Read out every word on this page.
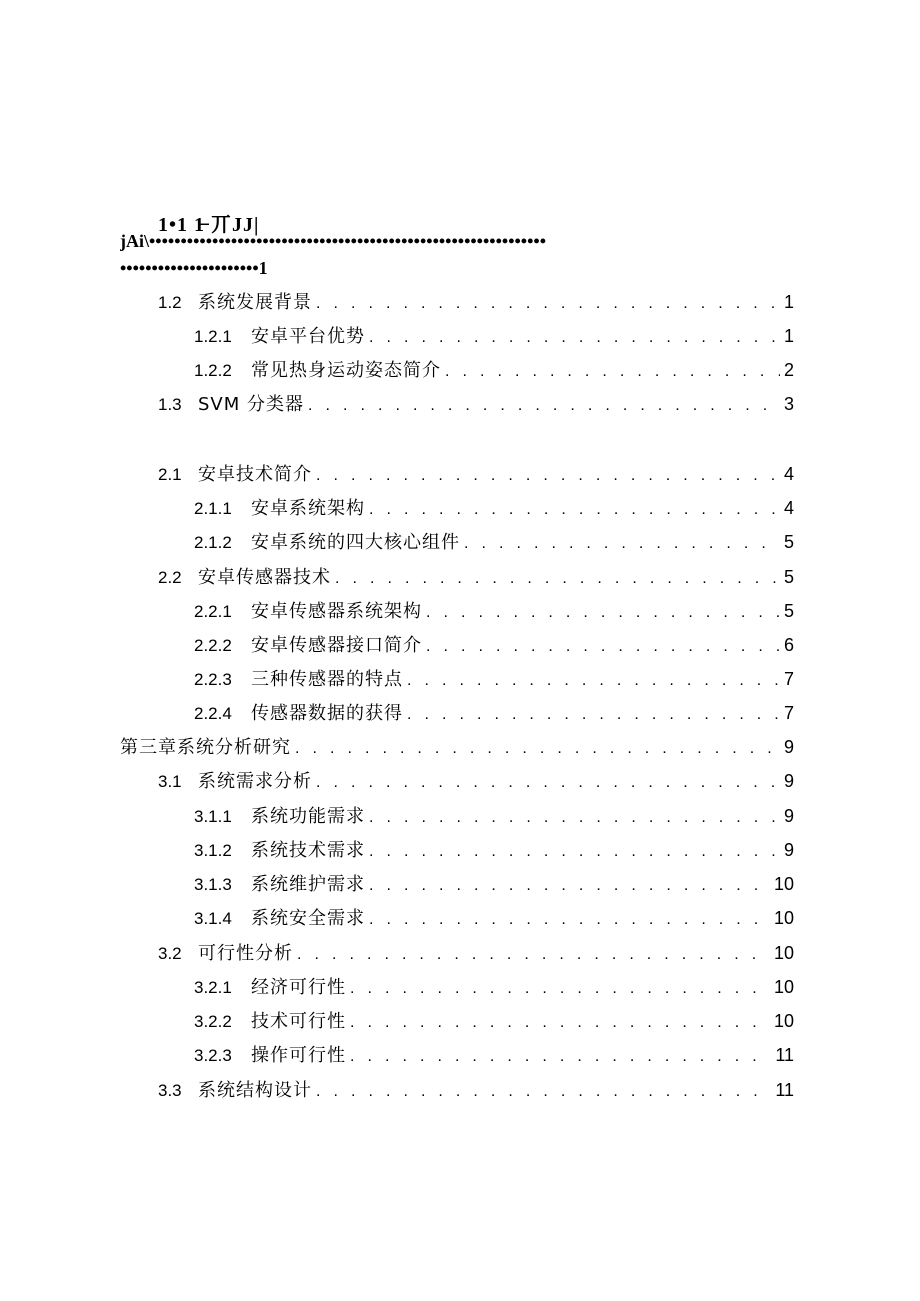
1•1 1̶ 丌JJ|
jAi\•••••••••••••••••••••••••••••••••••••••••••••••••••••••••••••••
••••••••••••••••••••••1
1.2 系统发展背景 . . .	1
1.2.1	安卓平台优势 . . .	1
1.2.2	常见热身运动姿态简介 . . .	2
1.3 SVM 分类器 . . .	3
2.1 安卓技术简介 . . .	4
2.1.1	安卓系统架构 . . .	4
2.1.2	安卓系统的四大核心组件 . . .	5
2.2 安卓传感器技术 . . .	5
2.2.1	安卓传感器系统架构 . . .	5
2.2.2	安卓传感器接口简介 . . .	6
2.2.3	三种传感器的特点 . . .	7
2.2.4	传感器数据的获得 . . .	7
第三章系统分析研究 . . .	9
3.1 系统需求分析 . . .	9
3.1.1	系统功能需求 . . .	9
3.1.2	系统技术需求 . . .	9
3.1.3	系统维护需求 . . .	10
3.1.4	系统安全需求 . . .	10
3.2 可行性分析 . . .	10
3.2.1	经济可行性 . . .	10
3.2.2	技术可行性 . . .	10
3.2.3	操作可行性 . . .	11
3.3 系统结构设计 . . .	11
